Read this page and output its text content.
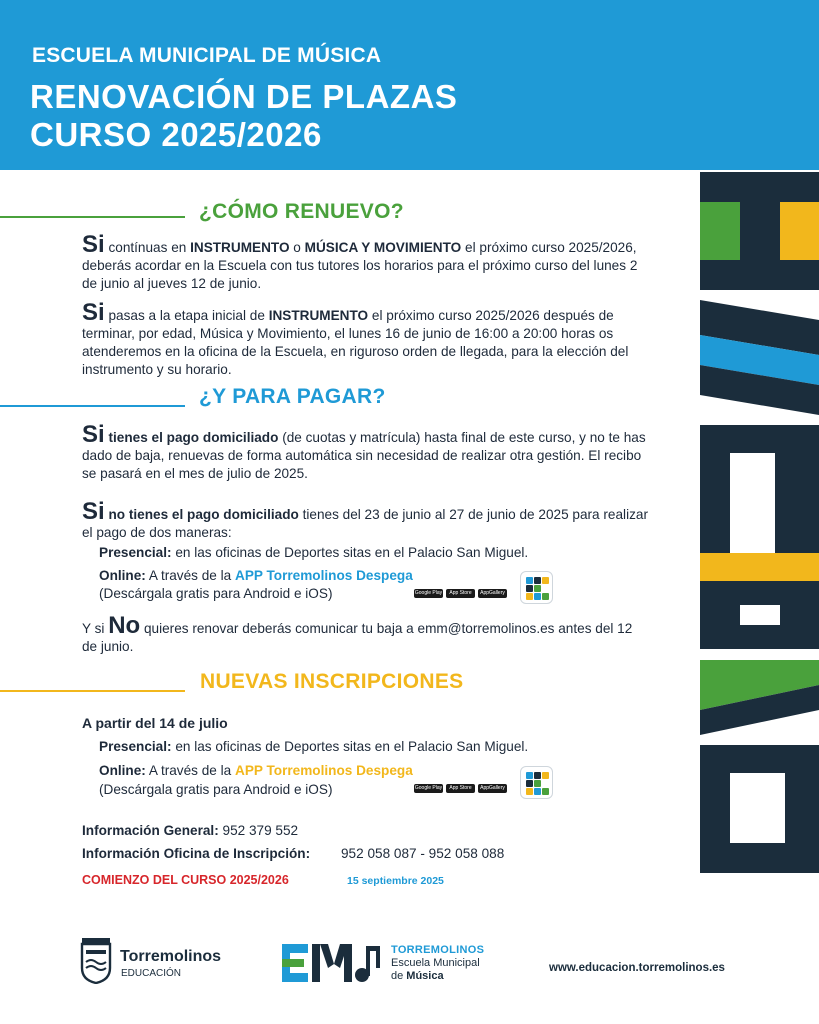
ESCUELA MUNICIPAL DE MÚSICA
RENOVACIÓN DE PLAZAS
CURSO 2025/2026
¿CÓMO RENUEVO?
Si contínuas en INSTRUMENTO o MÚSICA Y MOVIMIENTO el próximo curso 2025/2026, deberás acordar en la Escuela con tus tutores los horarios para el próximo curso del lunes 2 de junio al jueves 12 de junio.
Si pasas a la etapa inicial de INSTRUMENTO el próximo curso 2025/2026 después de terminar, por edad, Música y Movimiento, el lunes 16 de junio de 16:00 a 20:00 horas os atenderemos en la oficina de la Escuela, en riguroso orden de llegada, para la elección del instrumento y su horario.
¿Y PARA PAGAR?
Si tienes el pago domiciliado (de cuotas y matrícula) hasta final de este curso, y no te has dado de baja, renuevas de forma automática sin necesidad de realizar otra gestión. El recibo se pasará en el mes de julio de 2025.
Si no tienes el pago domiciliado tienes del 23 de junio al 27 de junio de 2025 para realizar el pago de dos maneras:
Presencial: en las oficinas de Deportes sitas en el Palacio San Miguel.
Online: A través de la APP Torremolinos Despega
(Descárgala gratis para Android e iOS)	Google Play	App Store	AppGallery
Y si No quieres renovar deberás comunicar tu baja a emm@torremolinos.es antes del 12 de junio.
NUEVAS INSCRIPCIONES
A partir del 14 de julio
Presencial: en las oficinas de Deportes sitas en el Palacio San Miguel.
Online: A través de la APP Torremolinos Despega
(Descárgala gratis para Android e iOS)	Google Play	App Store	AppGallery
Información General: 952 379 552
Información Oficina de Inscripción: 952 058 087 - 952 058 088
COMIENZO DEL CURSO 2025/2026	15 septiembre 2025
Torremolinos
EDUCACIÓN
TORREMOLINOS
Escuela Municipal
de Música
www.educacion.torremolinos.es
